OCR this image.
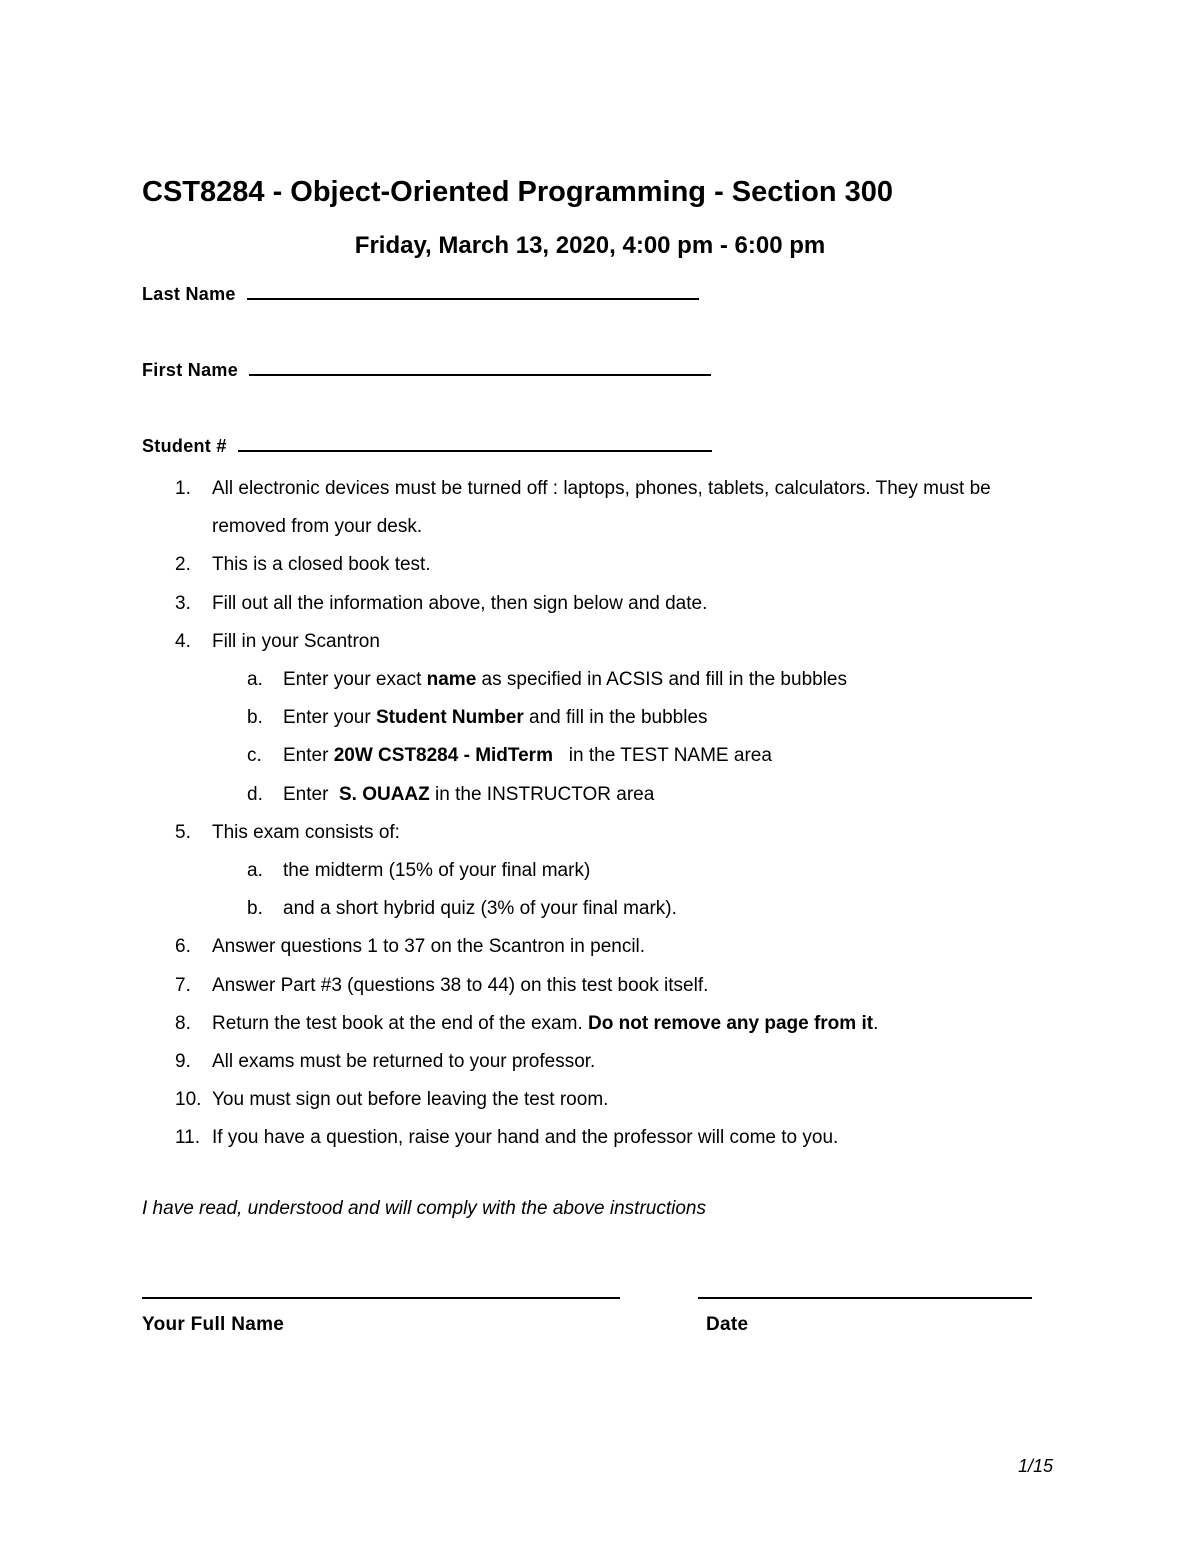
CST8284 - Object-Oriented Programming - Section 300
Friday, March 13, 2020, 4:00 pm - 6:00 pm
Last Name
First Name
Student #
1. All electronic devices must be turned off : laptops, phones, tablets, calculators. They must be removed from your desk.
2. This is a closed book test.
3. Fill out all the information above, then sign below and date.
4. Fill in your Scantron
a. Enter your exact name as specified in ACSIS and fill in the bubbles
b. Enter your Student Number and fill in the bubbles
c. Enter 20W CST8284 - MidTerm   in the TEST NAME area
d. Enter  S. OUAAZ in the INSTRUCTOR area
5. This exam consists of:
a. the midterm (15% of your final mark)
b. and a short hybrid quiz (3% of your final mark).
6. Answer questions 1 to 37 on the Scantron in pencil.
7. Answer Part #3 (questions 38 to 44) on this test book itself.
8. Return the test book at the end of the exam. Do not remove any page from it.
9. All exams must be returned to your professor.
10. You must sign out before leaving the test room.
11. If you have a question, raise your hand and the professor will come to you.
I have read, understood and will comply with the above instructions
Your Full Name	Date
1/15
